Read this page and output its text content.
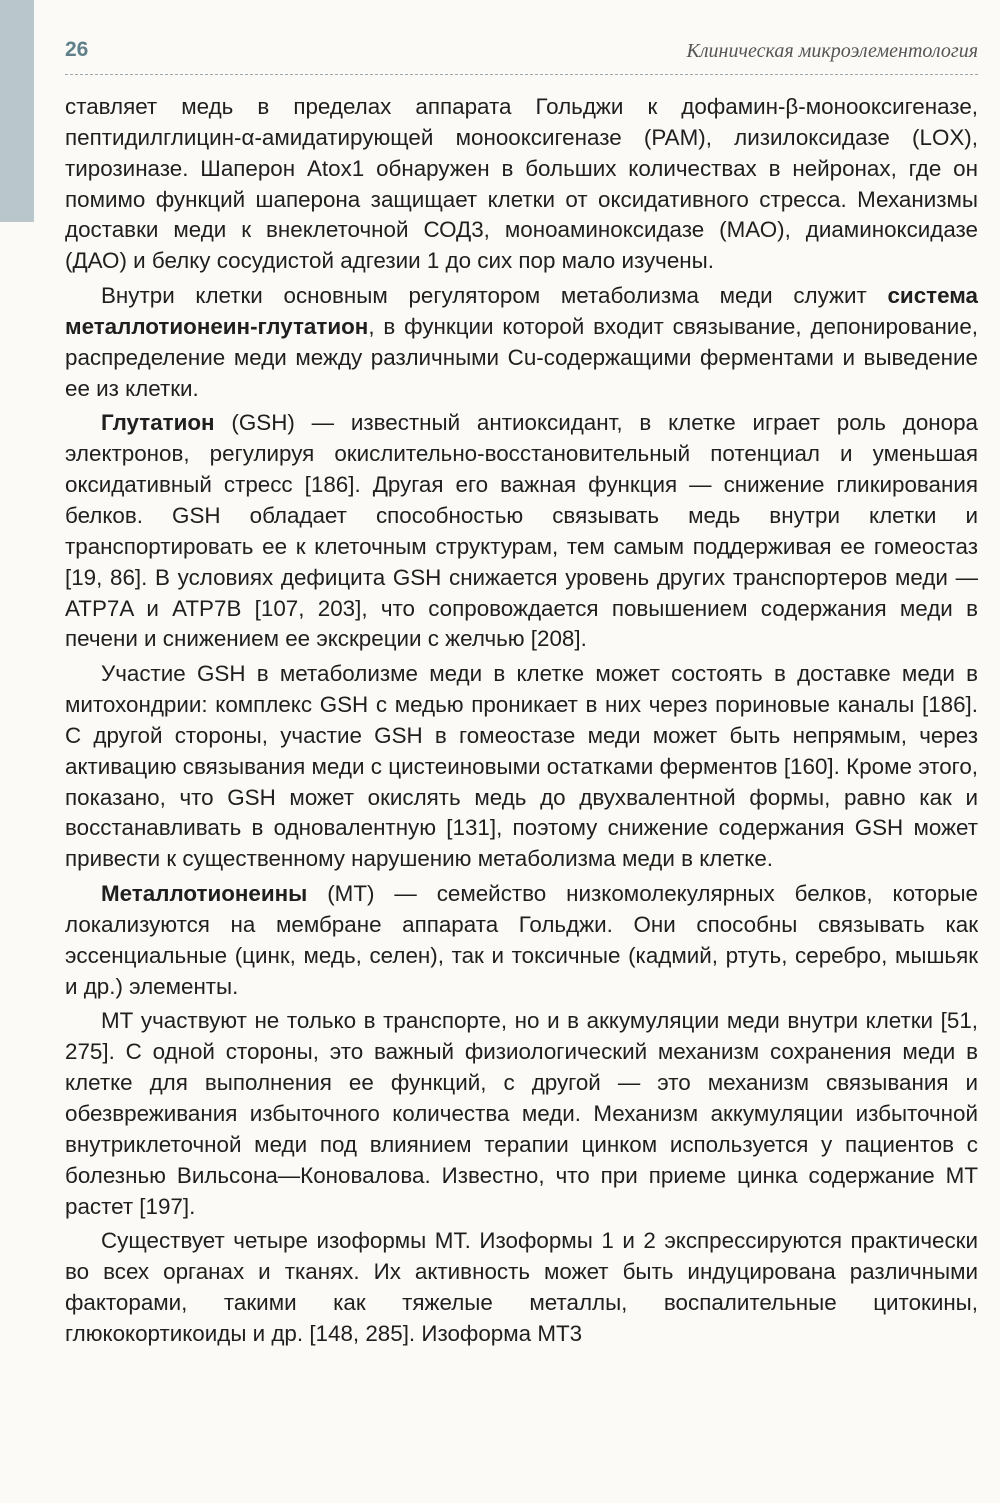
26	Клиническая микроэлементология

ставляет медь в пределах аппарата Гольджи к дофамин-β-монооксигеназе, пептидилглицин-α-амидатирующей монооксигеназе (PAM), лизилоксидазе (LOX), тирозиназе. Шаперон Atox1 обнаружен в больших количествах в нейронах, где он помимо функций шаперона защищает клетки от оксидативного стресса. Механизмы доставки меди к внеклеточной СОД3, моноаминоксидазе (МАО), диаминоксидазе (ДАО) и белку сосудистой адгезии 1 до сих пор мало изучены.

Внутри клетки основным регулятором метаболизма меди служит система металлотионеин-глутатион, в функции которой входит связывание, депонирование, распределение меди между различными Cu-содержащими ферментами и выведение ее из клетки.

Глутатион (GSH) — известный антиоксидант, в клетке играет роль донора электронов, регулируя окислительно-восстановительный потенциал и уменьшая оксидативный стресс [186]. Другая его важная функция — снижение гликирования белков. GSH обладает способностью связывать медь внутри клетки и транспортировать ее к клеточным структурам, тем самым поддерживая ее гомеостаз [19, 86]. В условиях дефицита GSH снижается уровень других транспортеров меди — ATP7A и ATP7B [107, 203], что сопровождается повышением содержания меди в печени и снижением ее экскреции с желчью [208].

Участие GSH в метаболизме меди в клетке может состоять в доставке меди в митохондрии: комплекс GSH с медью проникает в них через пориновые каналы [186]. С другой стороны, участие GSH в гомеостазе меди может быть непрямым, через активацию связывания меди с цистеиновыми остатками ферментов [160]. Кроме этого, показано, что GSH может окислять медь до двухвалентной формы, равно как и восстанавливать в одновалентную [131], поэтому снижение содержания GSH может привести к существенному нарушению метаболизма меди в клетке.

Металлотионеины (МТ) — семейство низкомолекулярных белков, которые локализуются на мембране аппарата Гольджи. Они способны связывать как эссенциальные (цинк, медь, селен), так и токсичные (кадмий, ртуть, серебро, мышьяк и др.) элементы.

МТ участвуют не только в транспорте, но и в аккумуляции меди внутри клетки [51, 275]. С одной стороны, это важный физиологический механизм сохранения меди в клетке для выполнения ее функций, с другой — это механизм связывания и обезвреживания избыточного количества меди. Механизм аккумуляции избыточной внутриклеточной меди под влиянием терапии цинком используется у пациентов с болезнью Вильсона—Коновалова. Известно, что при приеме цинка содержание МТ растет [197].

Существует четыре изоформы МТ. Изоформы 1 и 2 экспрессируются практически во всех органах и тканях. Их активность может быть индуцирована различными факторами, такими как тяжелые металлы, воспалительные цитокины, глюкокортикоиды и др. [148, 285]. Изоформа МТ3
